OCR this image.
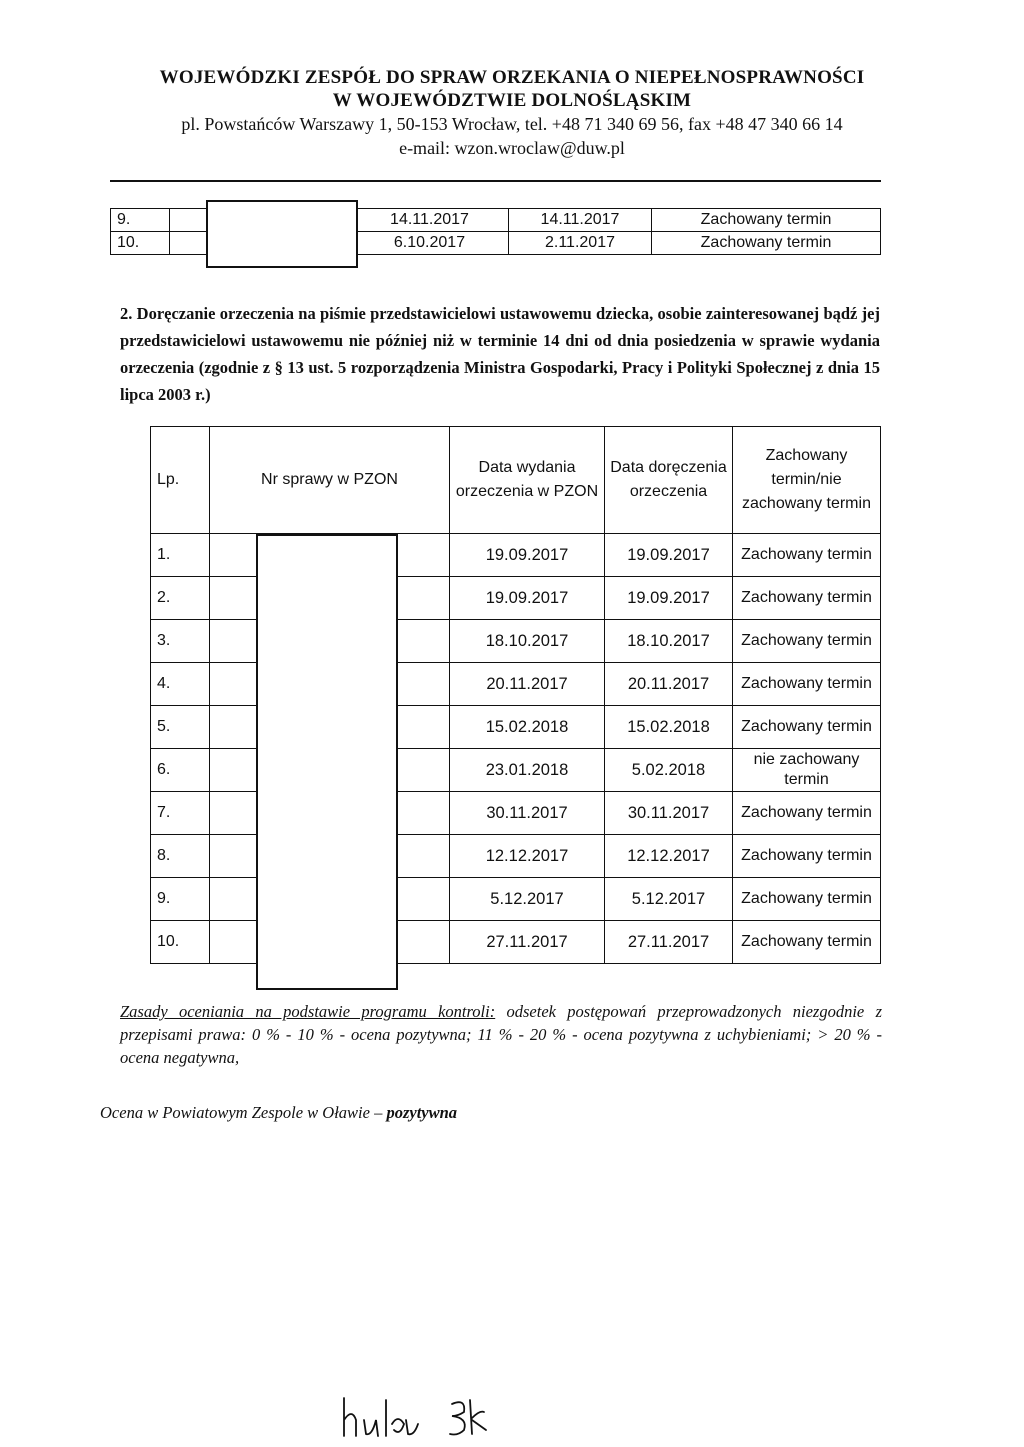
WOJEWÓDZKI ZESPÓŁ DO SPRAW ORZEKANIA O NIEPEŁNOSPRAWNOŚCI
W WOJEWÓDZTWIE DOLNOŚLĄSKIM
pl. Powstańców Warszawy 1, 50-153 Wrocław, tel. +48 71 340 69 56, fax +48 47 340 66 14
e-mail: wzon.wroclaw@duw.pl
9.		14.11.2017	14.11.2017	Zachowany termin
10.		6.10.2017	2.11.2017	Zachowany termin
2. Doręczanie orzeczenia na piśmie przedstawicielowi ustawowemu dziecka, osobie zainteresowanej bądź jej przedstawicielowi ustawowemu nie później niż w terminie 14 dni od dnia posiedzenia w sprawie wydania orzeczenia (zgodnie z § 13 ust. 5 rozporządzenia Ministra Gospodarki, Pracy i Polityki Społecznej z dnia 15 lipca 2003 r.)
Lp.	Nr sprawy w PZON	Data wydania orzeczenia w PZON	Data doręczenia orzeczenia	Zachowany termin/nie zachowany termin
1.		19.09.2017	19.09.2017	Zachowany termin
2.		19.09.2017	19.09.2017	Zachowany termin
3.		18.10.2017	18.10.2017	Zachowany termin
4.		20.11.2017	20.11.2017	Zachowany termin
5.		15.02.2018	15.02.2018	Zachowany termin
6.		23.01.2018	5.02.2018	nie zachowany termin
7.		30.11.2017	30.11.2017	Zachowany termin
8.		12.12.2017	12.12.2017	Zachowany termin
9.		5.12.2017	5.12.2017	Zachowany termin
10.		27.11.2017	27.11.2017	Zachowany termin
Zasady oceniania na podstawie programu kontroli: odsetek postępowań przeprowadzonych niezgodnie z przepisami prawa: 0 % - 10 % - ocena pozytywna; 11 % - 20 % - ocena pozytywna z uchybieniami; > 20 % - ocena negatywna,
Ocena w Powiatowym Zespole w Oławie – pozytywna
